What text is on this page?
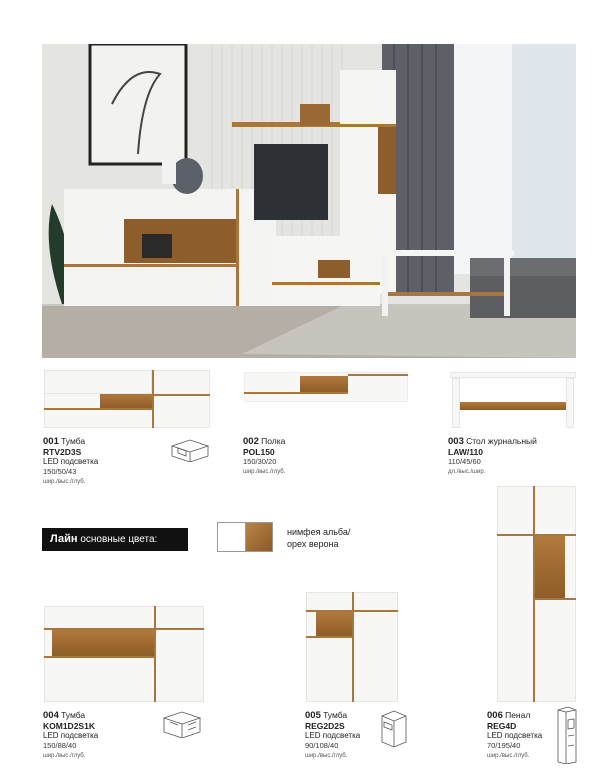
001 Тумба
RTV2D3S
LED подсветка
150/50/43
шир./выс./глуб.
002 Полка
POL150
150/30/20
шир./выс./глуб.
003 Стол журнальный
LAW/110
110/45/60
дл./выс./шир.
Лайн основные цвета:
нимфея альба/
орех верона
006 Пенал
REG4D
LED подсветка
70/195/40
шир./выс./глуб.
004 Тумба
KOM1D2S1K
LED подсветка
150/88/40
шир./выс./глуб.
005 Тумба
REG2D2S
LED подсветка
90/108/40
шир./выс./глуб.
